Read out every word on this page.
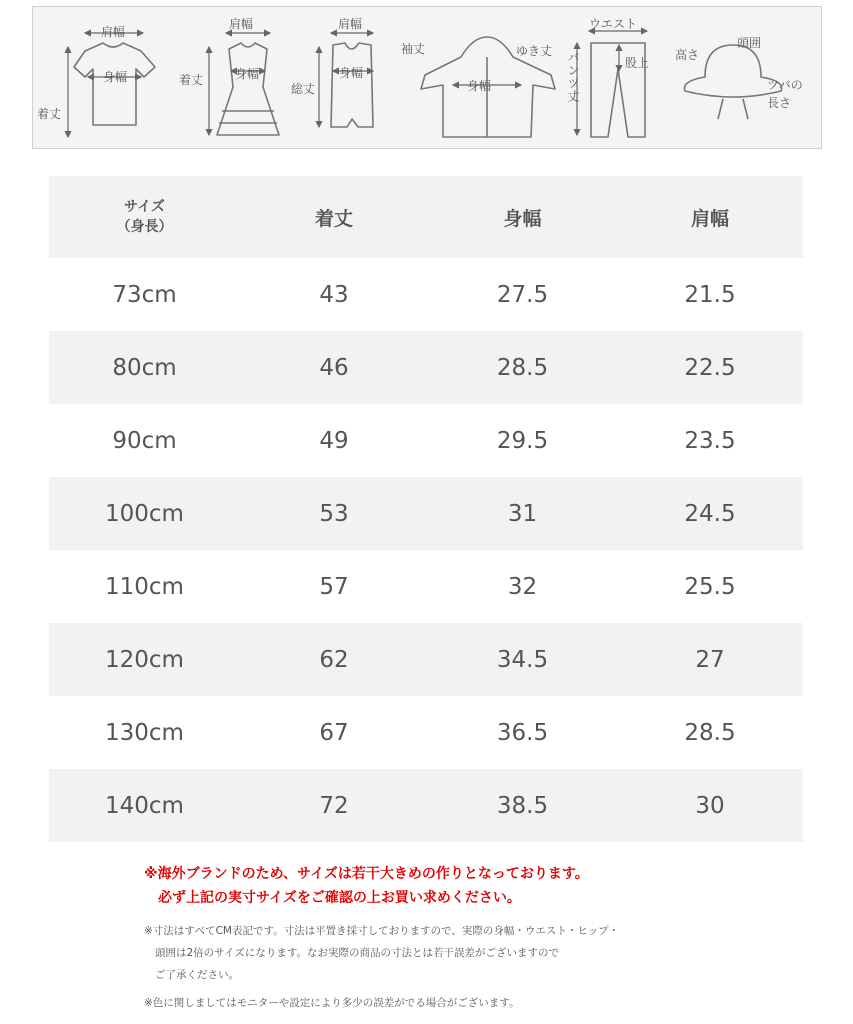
肩幅
身幅
着丈
肩幅
身幅
着丈
肩幅
身幅
総丈
袖丈	ゆき丈
身幅
ウエスト
股上
パンツ丈	高さ
頭囲
ツバの
長さ
サイズ
（身長）	着丈	身幅	肩幅
73cm	43	27.5	21.5
80cm	46	28.5	22.5
90cm	49	29.5	23.5
100cm	53	31	24.5
110cm	57	32	25.5
120cm	62	34.5	27
130cm	67	36.5	28.5
140cm	72	38.5	30
※海外ブランドのため、サイズは若干大きめの作りとなっております。
必ず上記の実寸サイズをご確認の上お買い求めください。
※寸法はすべてCM表記です。寸法は平置き採寸しておりますので、実際の身幅・ウエスト・ヒップ・
頭囲は2倍のサイズになります。なお実際の商品の寸法とは若干誤差がございますので
ご了承ください。
※色に関しましてはモニターや設定により多少の誤差がでる場合がございます。
